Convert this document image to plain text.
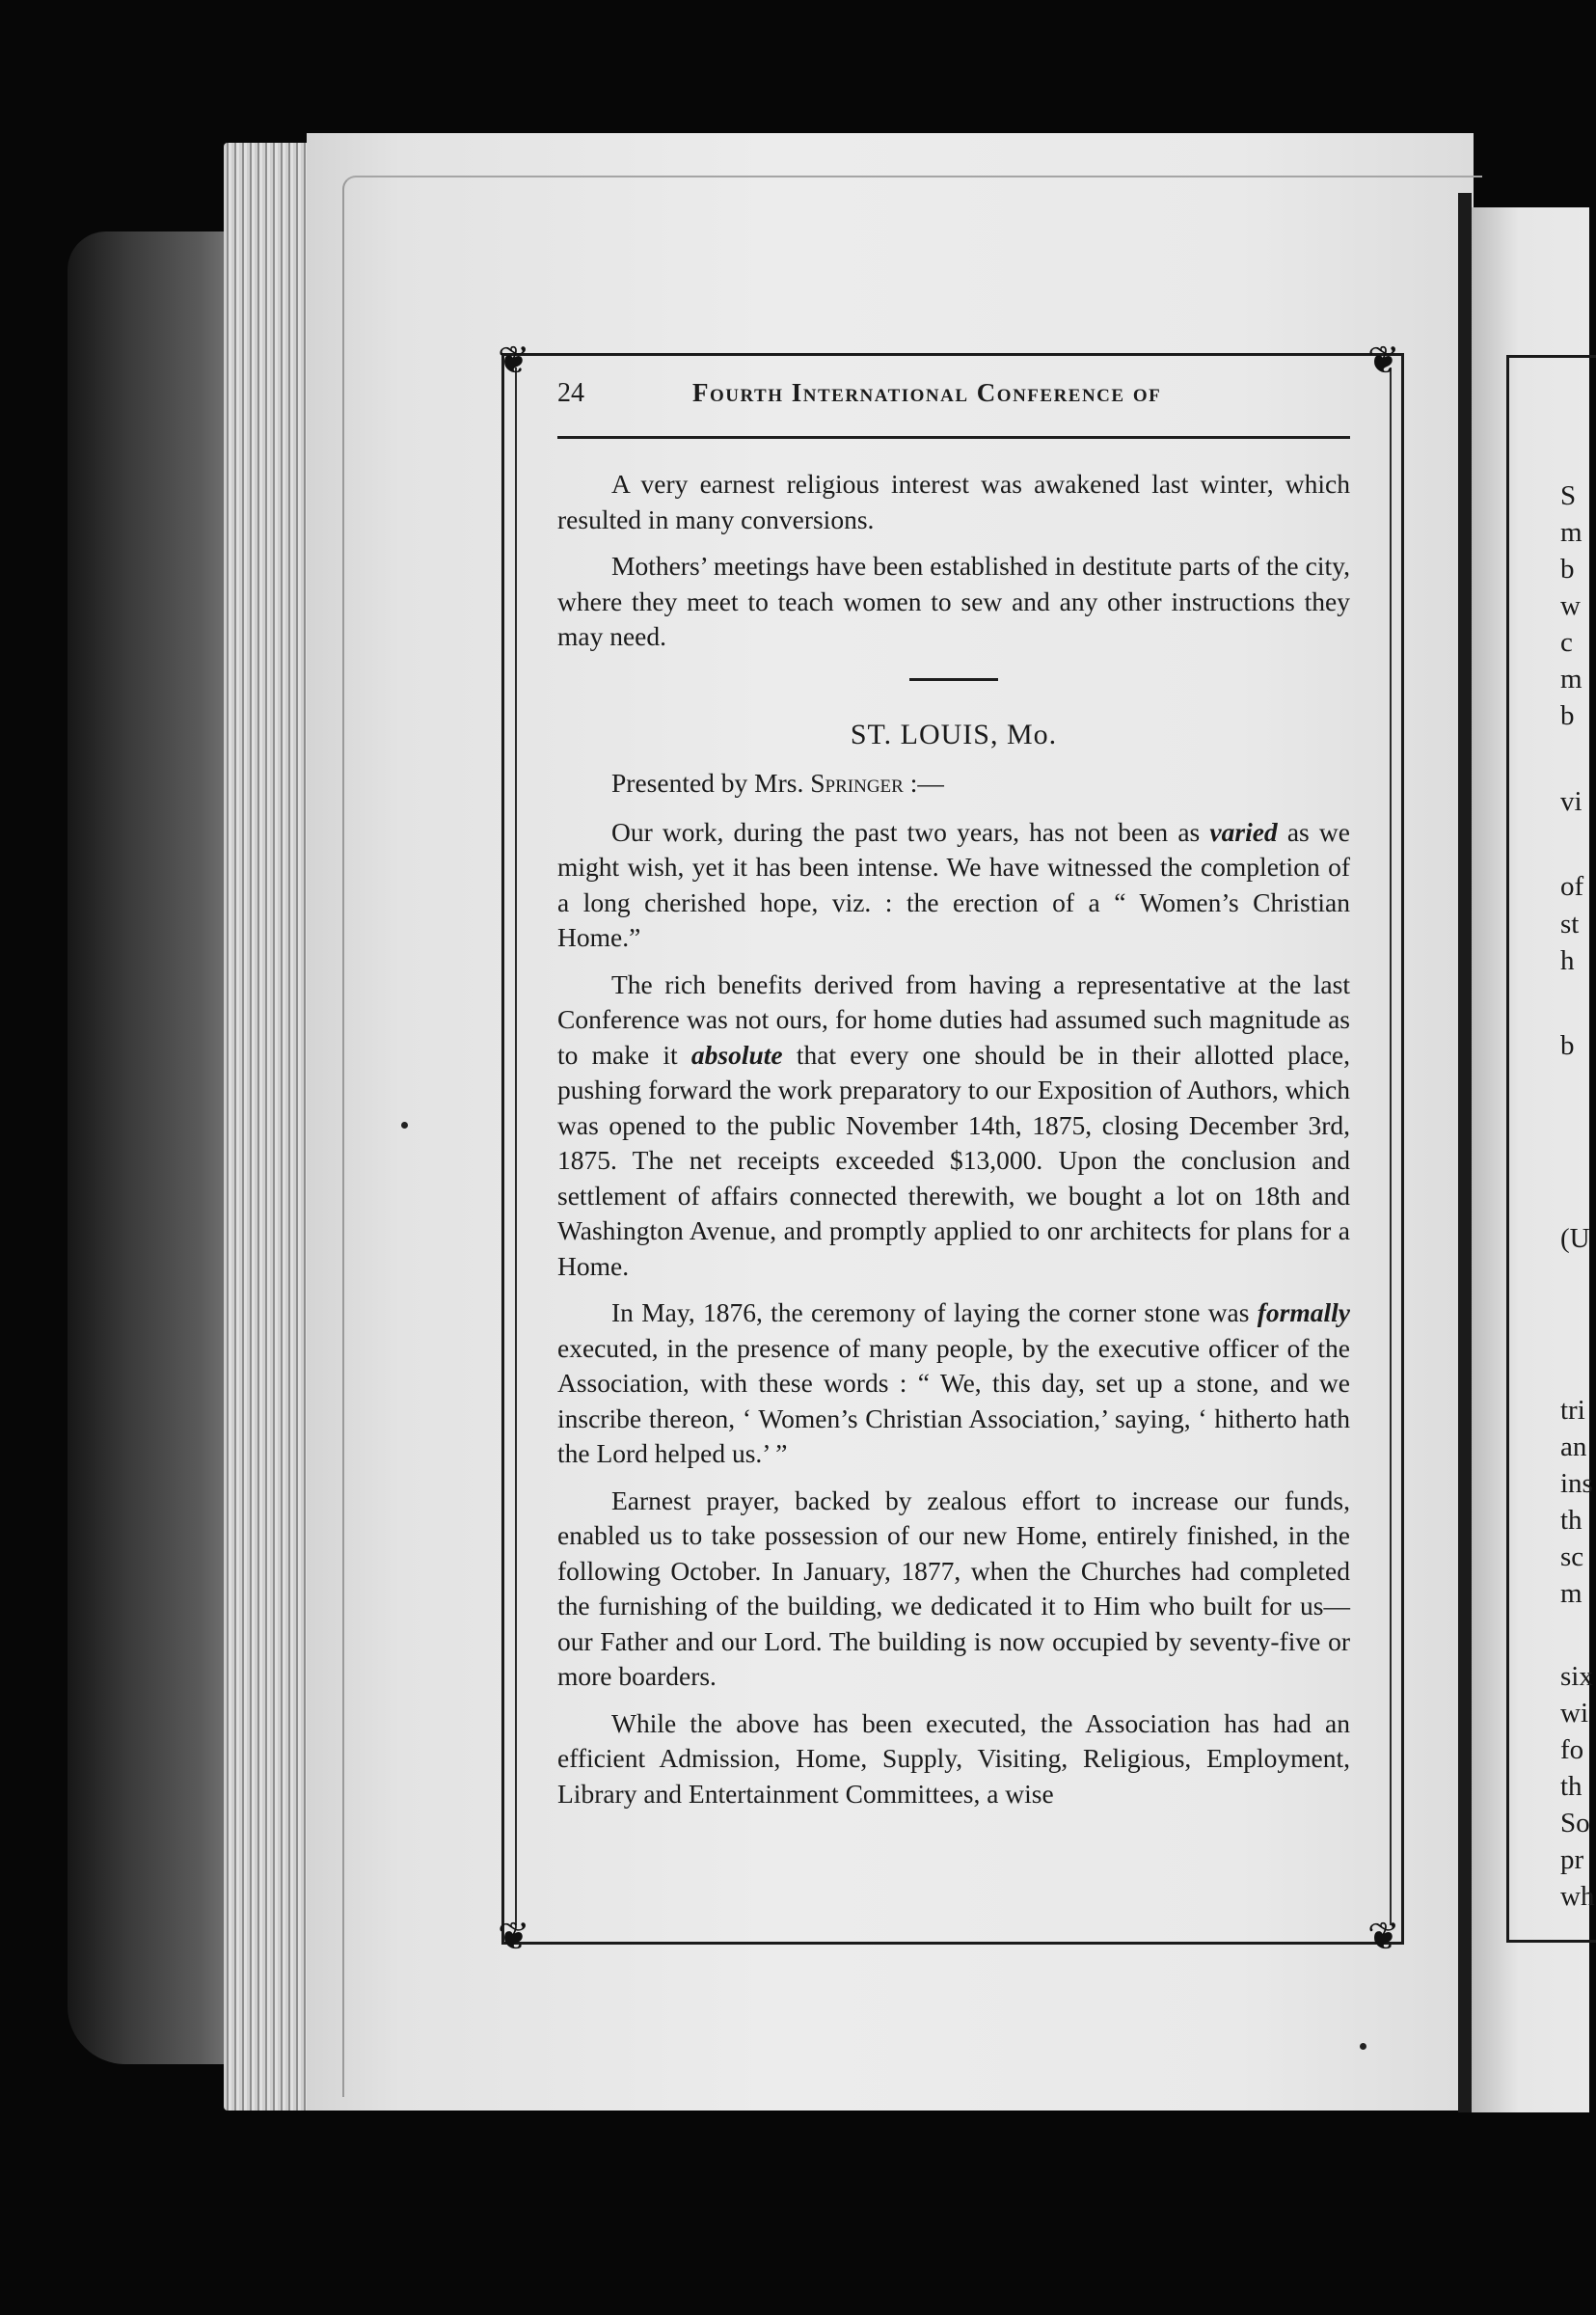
S
m
b
w
c
m
b
vi
of
st
h
b
(U
tri
an
ins
th
sc
m
six
wi
fo
th
So
pr
wh
❦	❦
❦	❦
24	Fourth International Conference of

A very earnest religious interest was awakened last winter, which resulted in many conversions.

Mothers’ meetings have been established in destitute parts of the city, where they meet to teach women to sew and any other instructions they may need.

ST. LOUIS, Mo.

Presented by Mrs. Springer :—

Our work, during the past two years, has not been as varied as we might wish, yet it has been intense. We have witnessed the completion of a long cherished hope, viz. : the erection of a “ Women’s Christian Home.”

The rich benefits derived from having a representative at the last Conference was not ours, for home duties had assumed such magnitude as to make it absolute that every one should be in their allotted place, pushing forward the work preparatory to our Exposition of Authors, which was opened to the public November 14th, 1875, closing December 3rd, 1875. The net receipts exceeded $13,000. Upon the conclusion and settlement of affairs connected therewith, we bought a lot on 18th and Washington Avenue, and promptly applied to onr architects for plans for a Home.

In May, 1876, the ceremony of laying the corner stone was formally executed, in the presence of many people, by the executive officer of the Association, with these words : “ We, this day, set up a stone, and we inscribe thereon, ‘ Women’s Christian Association,’ saying, ‘ hitherto hath the Lord helped us.’ ”

Earnest prayer, backed by zealous effort to increase our funds, enabled us to take possession of our new Home, entirely finished, in the following October. In January, 1877, when the Churches had completed the furnishing of the building, we dedicated it to Him who built for us—our Father and our Lord. The building is now occupied by seventy-five or more boarders.

While the above has been executed, the Association has had an efficient Admission, Home, Supply, Visiting, Religious, Employment, Library and Entertainment Committees, a wise
